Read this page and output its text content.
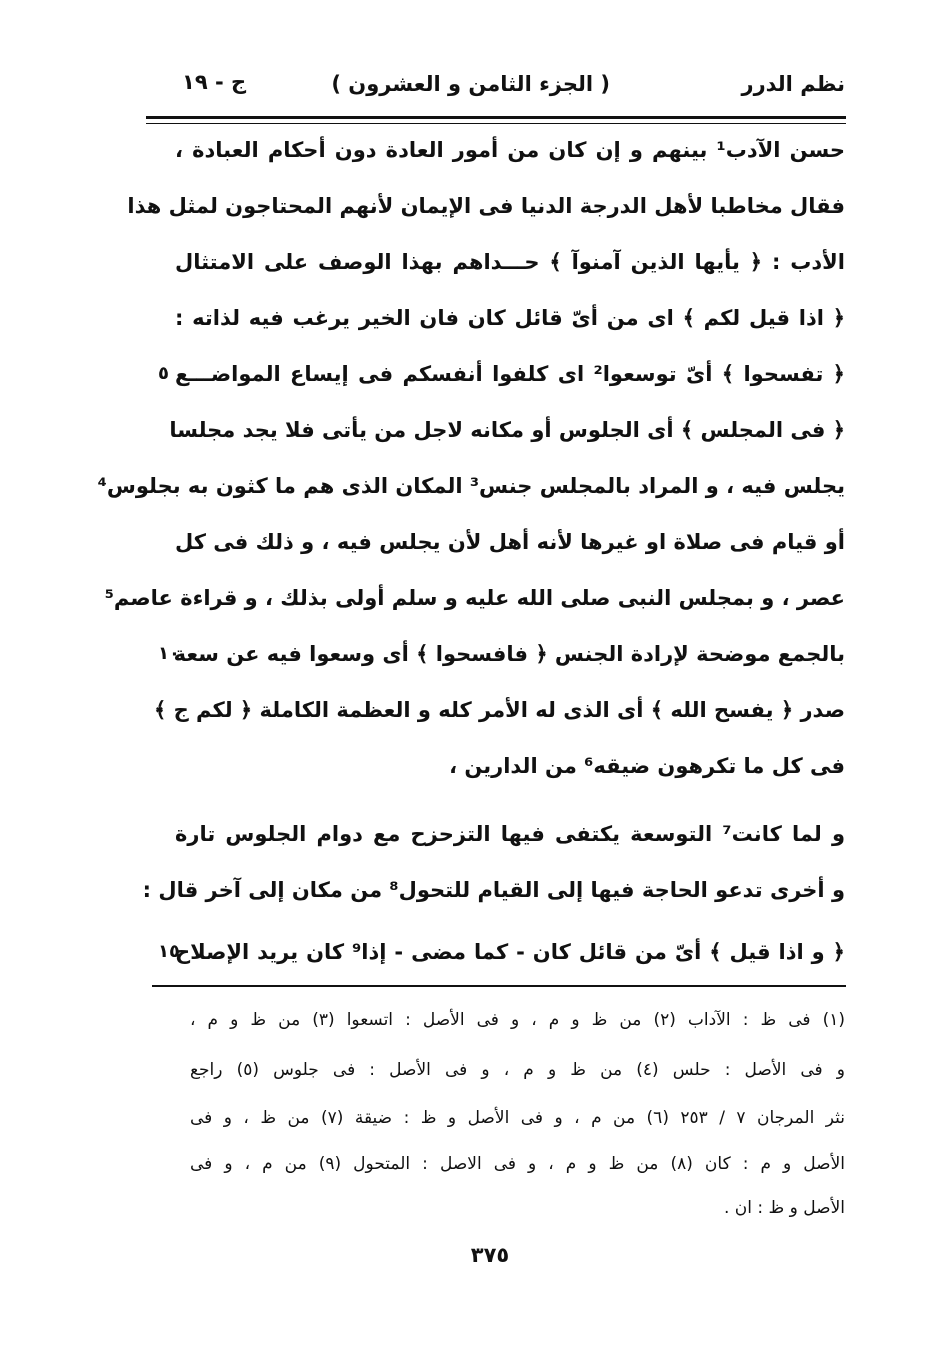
نظم الدرر
( الجزء الثامن و العشرون )
ج - ١٩
حسن الآدب¹ بينهم و إن كان من أمور العادة دون أحكام العبادة ،
فقال مخاطبا لأهل الدرجة الدنيا فى الإيمان لأنهم المحتاجون لمثل هذا
الأدب : ﴿ يأيها الذين آمنوآ ﴾ حـــداهم بهذا الوصف على الامتثال
﴿ اذا قيل لكم ﴾ اى من أىّ قائل كان فان الخير يرغب فيه لذاته :
﴿ تفسحوا ﴾ أىّ توسعوا² اى كلفوا أنفسكم فى إيساع المواضـــع
﴿ فى المجلس ﴾ أى الجلوس أو مكانه لاجل من يأتى فلا يجد مجلسا
يجلس فيه ، و المراد بالمجلس جنس³ المكان الذى هم ما كثون به بجلوس⁴
أو قيام فى صلاة او غيرها لأنه أهل لأن يجلس فيه ، و ذلك فى كل
عصر ، و بمجلس النبى صلى الله عليه و سلم أولى بذلك ، و قراءة عاصم⁵
بالجمع موضحة لإرادة الجنس ﴿ فافسحوا ﴾ أى وسعوا فيه عن سعة
صدر ﴿ يفسح الله ﴾ أى الذى له الأمر كله و العظمة الكاملة ﴿ لكم ج ﴾
فى كل ما تكرهون ضيقه⁶ من الدارين ،
و لما كانت⁷ التوسعة يكتفى فيها التزحزح مع دوام الجلوس تارة
و أخرى تدعو الحاجة فيها إلى القيام للتحول⁸ من مكان إلى آخر قال :
﴿ و اذا قيل ﴾ أىّ من قائل كان - كما مضى - إذا⁹ كان يريد الإصلاح
٥
١٠
١٥
(١) فى ظ : الآداب (٢) من ظ و م ، و فى الأصل : اتسعوا (٣) من ظ و م ،
و فى الأصل : حلس (٤) من ظ و م ، و فى الأصل : فى جلوس (٥) راجع
نثر المرجان ٧ / ٢٥٣ (٦) من م ، و فى الأصل و ظ : ضيقة (٧) من ظ ، و فى
الأصل و م : كان (٨) من ظ و م ، و فى الاصل : المتحول (٩) من م ، و فى
الأصل و ظ : ان .
٣٧٥
